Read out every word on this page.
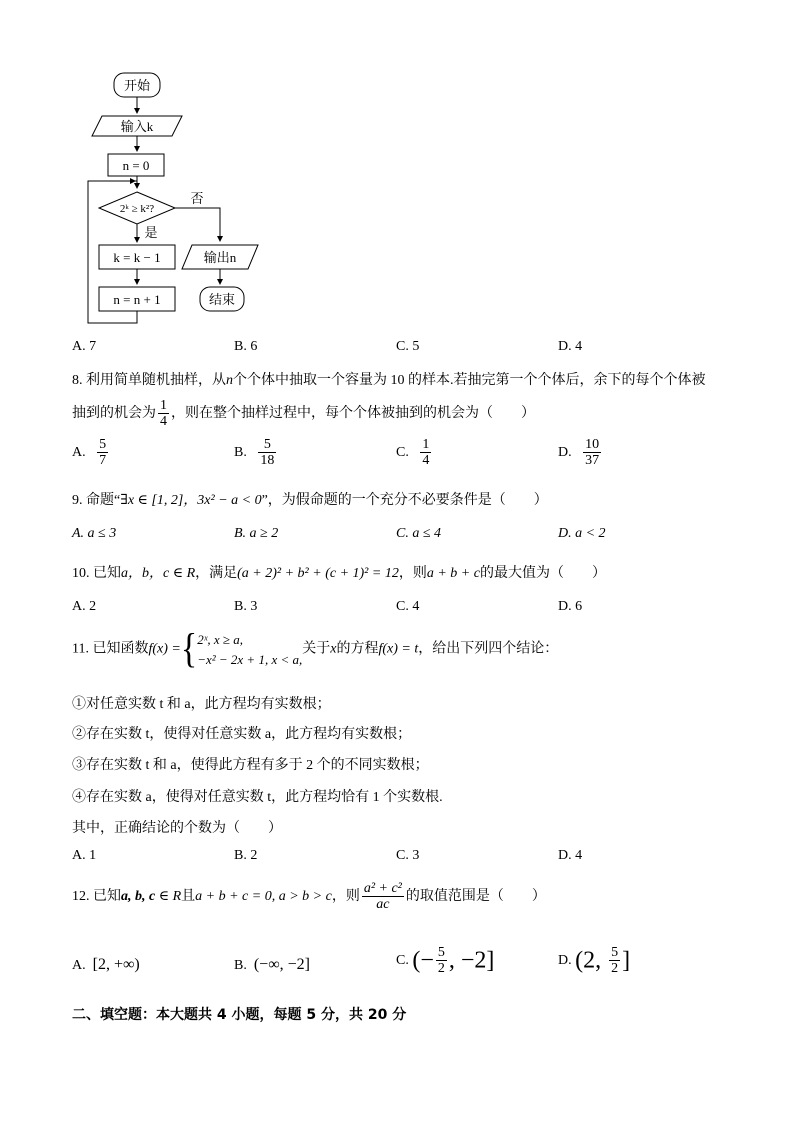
开始
输入k
n = 0
2ᵏ ≥ k²?
否
是
k = k − 1
n = n + 1
输出n
结束
A. 7	B. 6	C. 5	D. 4
8. 利用简单随机抽样，从n个个体中抽取一个容量为 10 的样本.若抽完第一个个体后，余下的每个个体被
抽到的机会为 $\frac{1}{4}$ ，则在整个抽样过程中，每个个体被抽到的机会为（　　）
A. $\frac{5}{7}$	B. $\frac{5}{18}$	C. $\frac{1}{4}$	D. $\frac{10}{37}$
9. 命题“∃x ∈ [1, 2]，3x² − a < 0”，为假命题的一个充分不必要条件是（　　）
A. a ≤ 3	B. a ≥ 2	C. a ≤ 4	D. a < 2
10. 已知a，b，c ∈ R，满足(a + 2)² + b² + (c + 1)² = 12，则a + b + c的最大值为（　　）
A. 2	B. 3	C. 4	D. 6
11. 已知函数f(x) ={ 2ˣ, x ≥ a,
−x² − 2x + 1, x < a,
关于x的方程f(x) = t，给出下列四个结论：
①对任意实数 t 和 a，此方程均有实数根；
②存在实数 t，使得对任意实数 a，此方程均有实数根；
③存在实数 t 和 a，使得此方程有多于 2 个的不同实数根；
④存在实数 a，使得对任意实数 t，此方程均恰有 1 个实数根.
其中，正确结论的个数为（　　）
A. 1	B. 2	C. 3	D. 4
12. 已知a, b, c ∈ R且a + b + c = 0, a > b > c，则 $\frac{\text{a² + c²}}{ac}$ 的取值范围是（　　）
A. [2, +∞)	B. (−∞, −2]	C. (− $\frac{5}{2}$ , −2]	D. (2, $\frac{5}{2}$ ]
二、填空题：本大题共 4 小题，每题 5 分，共 20 分
